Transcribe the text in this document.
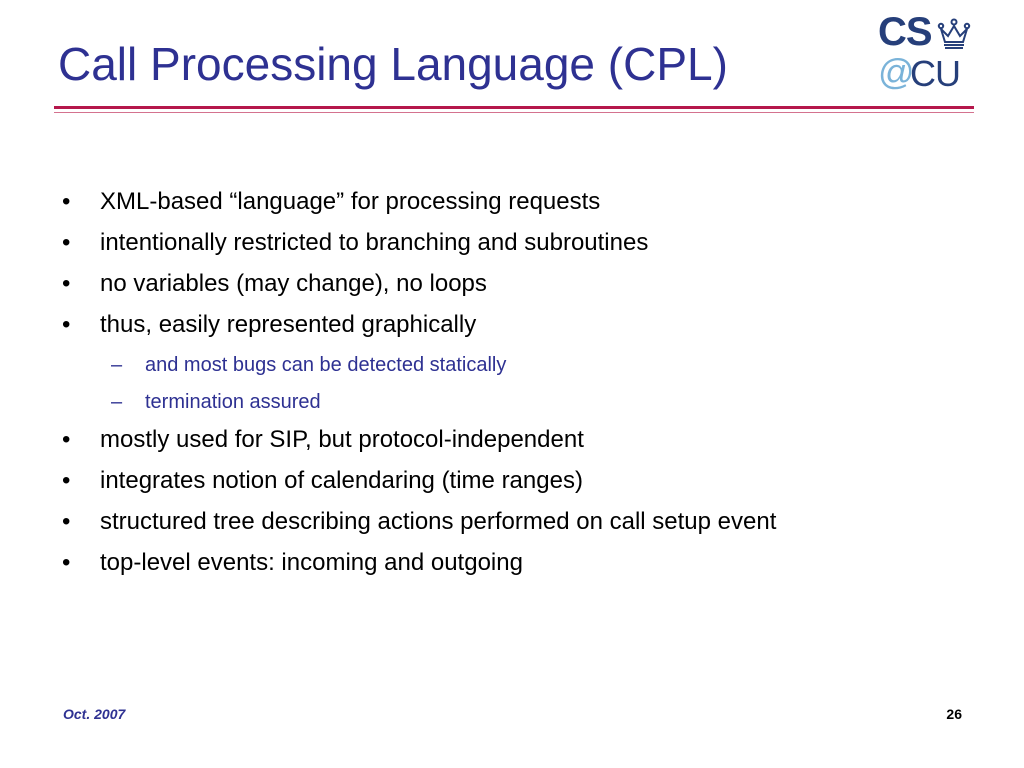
Call Processing Language (CPL)
CS
@
CU
• XML-based “language” for processing requests
• intentionally restricted to branching and subroutines
• no variables (may change), no loops
• thus, easily represented graphically
– and most bugs can be detected statically
– termination assured
• mostly used for SIP, but protocol-independent
• integrates notion of calendaring (time ranges)
• structured tree describing actions performed on call setup event
• top-level events: incoming and outgoing
Oct. 2007	26
